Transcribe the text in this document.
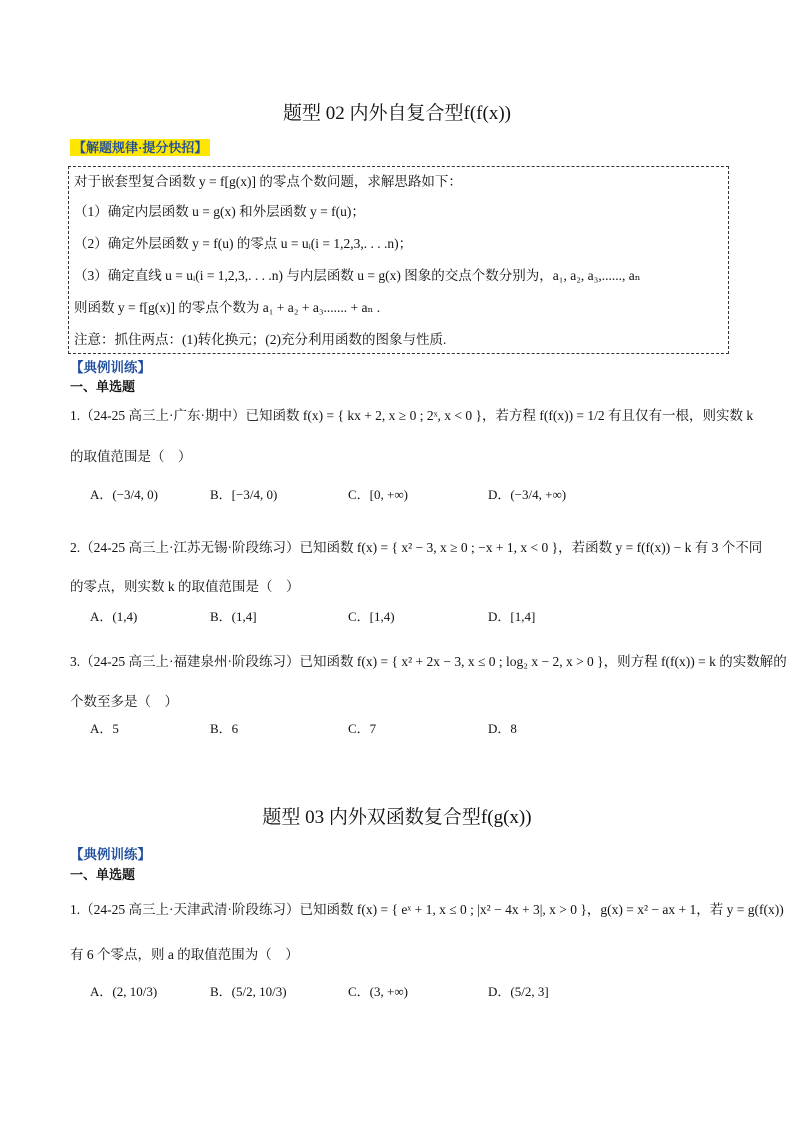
题型 02 内外自复合型f(f(x))
【解题规律·提分快招】
对于嵌套型复合函数 y = f[g(x)] 的零点个数问题，求解思路如下：
（1）确定内层函数 u = g(x) 和外层函数 y = f(u)；
（2）确定外层函数 y = f(u) 的零点 u = uᵢ(i = 1,2,3,. . . .n)；
（3）确定直线 u = uᵢ(i = 1,2,3,. . . .n) 与内层函数 u = g(x) 图象的交点个数分别为，a₁, a₂, a₃,......, aₙ
则函数 y = f[g(x)] 的零点个数为 a₁ + a₂ + a₃....... + aₙ .
注意：抓住两点：(1)转化换元；(2)充分利用函数的图象与性质.
【典例训练】
一、单选题
1.（24-25 高三上·广东·期中）已知函数 f(x) = { kx + 2, x ≥ 0 ; 2ˣ, x < 0 }，若方程 f(f(x)) = 1/2 有且仅有一根，则实数 k
的取值范围是（　）
A．(−3/4, 0)	B．[−3/4, 0)	C．[0, +∞)	D．(−3/4, +∞)
2.（24-25 高三上·江苏无锡·阶段练习）已知函数 f(x) = { x² − 3, x ≥ 0 ; −x + 1, x < 0 }，若函数 y = f(f(x)) − k 有 3 个不同
的零点，则实数 k 的取值范围是（　）
A．(1,4)	B．(1,4]	C．[1,4)	D．[1,4]
3.（24-25 高三上·福建泉州·阶段练习）已知函数 f(x) = { x² + 2x − 3, x ≤ 0 ; log₂ x − 2, x > 0 }，则方程 f(f(x)) = k 的实数解的
个数至多是（　）
A．5	B．6	C．7	D．8
题型 03 内外双函数复合型f(g(x))
【典例训练】
一、单选题
1.（24-25 高三上·天津武清·阶段练习）已知函数 f(x) = { eˣ + 1, x ≤ 0 ; |x² − 4x + 3|, x > 0 }，g(x) = x² − ax + 1，若 y = g(f(x))
有 6 个零点，则 a 的取值范围为（　）
A．(2, 10/3)	B．(5/2, 10/3)	C．(3, +∞)	D．(5/2, 3]
